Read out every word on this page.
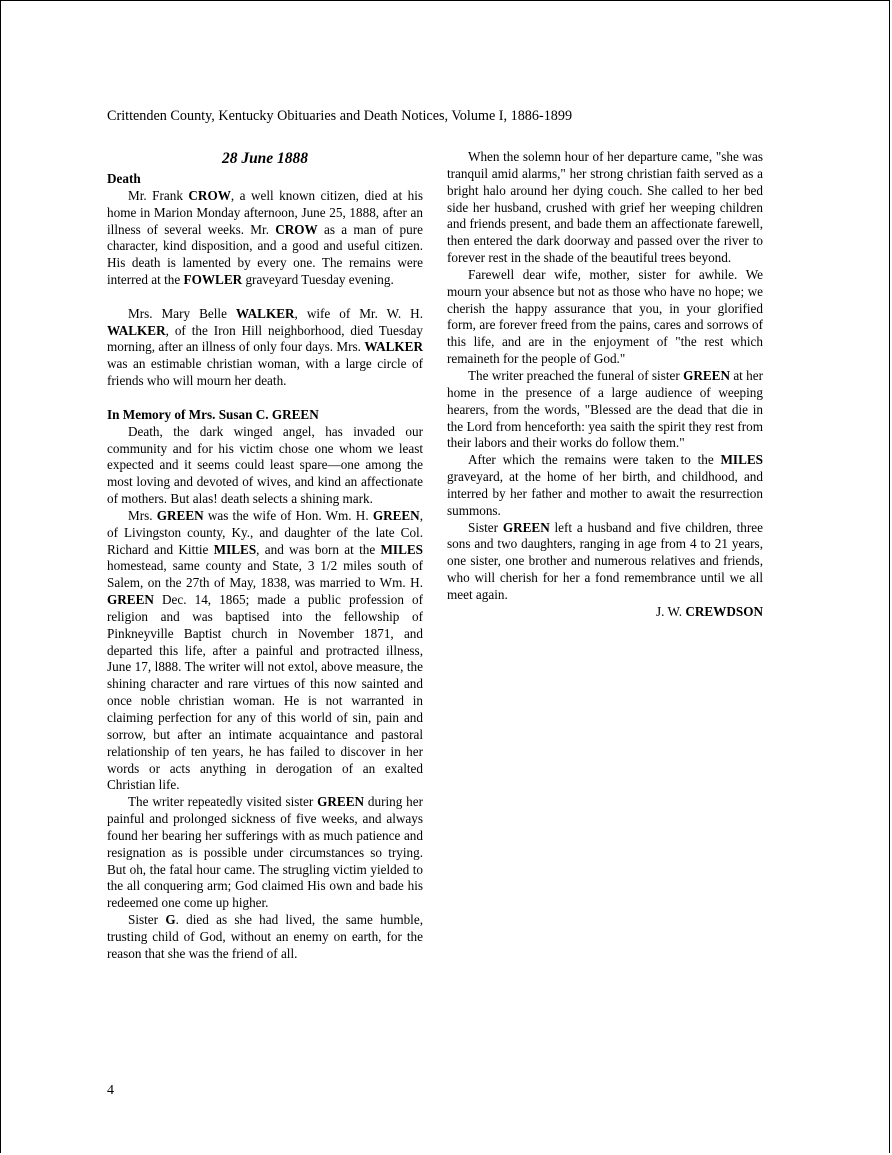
Crittenden County, Kentucky Obituaries and Death Notices, Volume I, 1886-1899
28 June 1888
Death

Mr. Frank CROW, a well known citizen, died at his home in Marion Monday afternoon, June 25, 1888, after an illness of several weeks. Mr. CROW as a man of pure character, kind disposition, and a good and useful citizen. His death is lamented by every one. The remains were interred at the FOWLER graveyard Tuesday evening.

Mrs. Mary Belle WALKER, wife of Mr. W. H. WALKER, of the Iron Hill neighborhood, died Tuesday morning, after an illness of only four days. Mrs. WALKER was an estimable christian woman, with a large circle of friends who will mourn her death.

In Memory of Mrs. Susan C. GREEN

Death, the dark winged angel, has invaded our community and for his victim chose one whom we least expected and it seems could least spare—one among the most loving and devoted of wives, and kind an affectionate of mothers. But alas! death selects a shining mark.

Mrs. GREEN was the wife of Hon. Wm. H. GREEN, of Livingston county, Ky., and daughter of the late Col. Richard and Kittie MILES, and was born at the MILES homestead, same county and State, 3 1/2 miles south of Salem, on the 27th of May, 1838, was married to Wm. H. GREEN Dec. 14, 1865; made a public profession of religion and was baptised into the fellowship of Pinkneyville Baptist church in November 1871, and departed this life, after a painful and protracted illness, June 17, l888. The writer will not extol, above measure, the shining character and rare virtues of this now sainted and once noble christian woman. He is not warranted in claiming perfection for any of this world of sin, pain and sorrow, but after an intimate acquaintance and pastoral relationship of ten years, he has failed to discover in her words or acts anything in derogation of an exalted Christian life.

The writer repeatedly visited sister GREEN during her painful and prolonged sickness of five weeks, and always found her bearing her sufferings with as much patience and resignation as is possible under circumstances so trying. But oh, the fatal hour came. The strugling victim yielded to the all conquering arm; God claimed His own and bade his redeemed one come up higher.

Sister G. died as she had lived, the same humble, trusting child of God, without an enemy on earth, for the reason that she was the friend of all.

When the solemn hour of her departure came, "she was tranquil amid alarms," her strong christian faith served as a bright halo around her dying couch. She called to her bed side her husband, crushed with grief her weeping children and friends present, and bade them an affectionate farewell, then entered the dark doorway and passed over the river to forever rest in the shade of the beautiful trees beyond.

Farewell dear wife, mother, sister for awhile. We mourn your absence but not as those who have no hope; we cherish the happy assurance that you, in your glorified form, are forever freed from the pains, cares and sorrows of this life, and are in the enjoyment of "the rest which remaineth for the people of God."

The writer preached the funeral of sister GREEN at her home in the presence of a large audience of weeping hearers, from the words, "Blessed are the dead that die in the Lord from henceforth: yea saith the spirit they rest from their labors and their works do follow them."

After which the remains were taken to the MILES graveyard, at the home of her birth, and childhood, and interred by her father and mother to await the resurrection summons.

Sister GREEN left a husband and five children, three sons and two daughters, ranging in age from 4 to 21 years, one sister, one brother and numerous relatives and friends, who will cherish for her a fond remembrance until we all meet again.

J. W. CREWDSON

4
